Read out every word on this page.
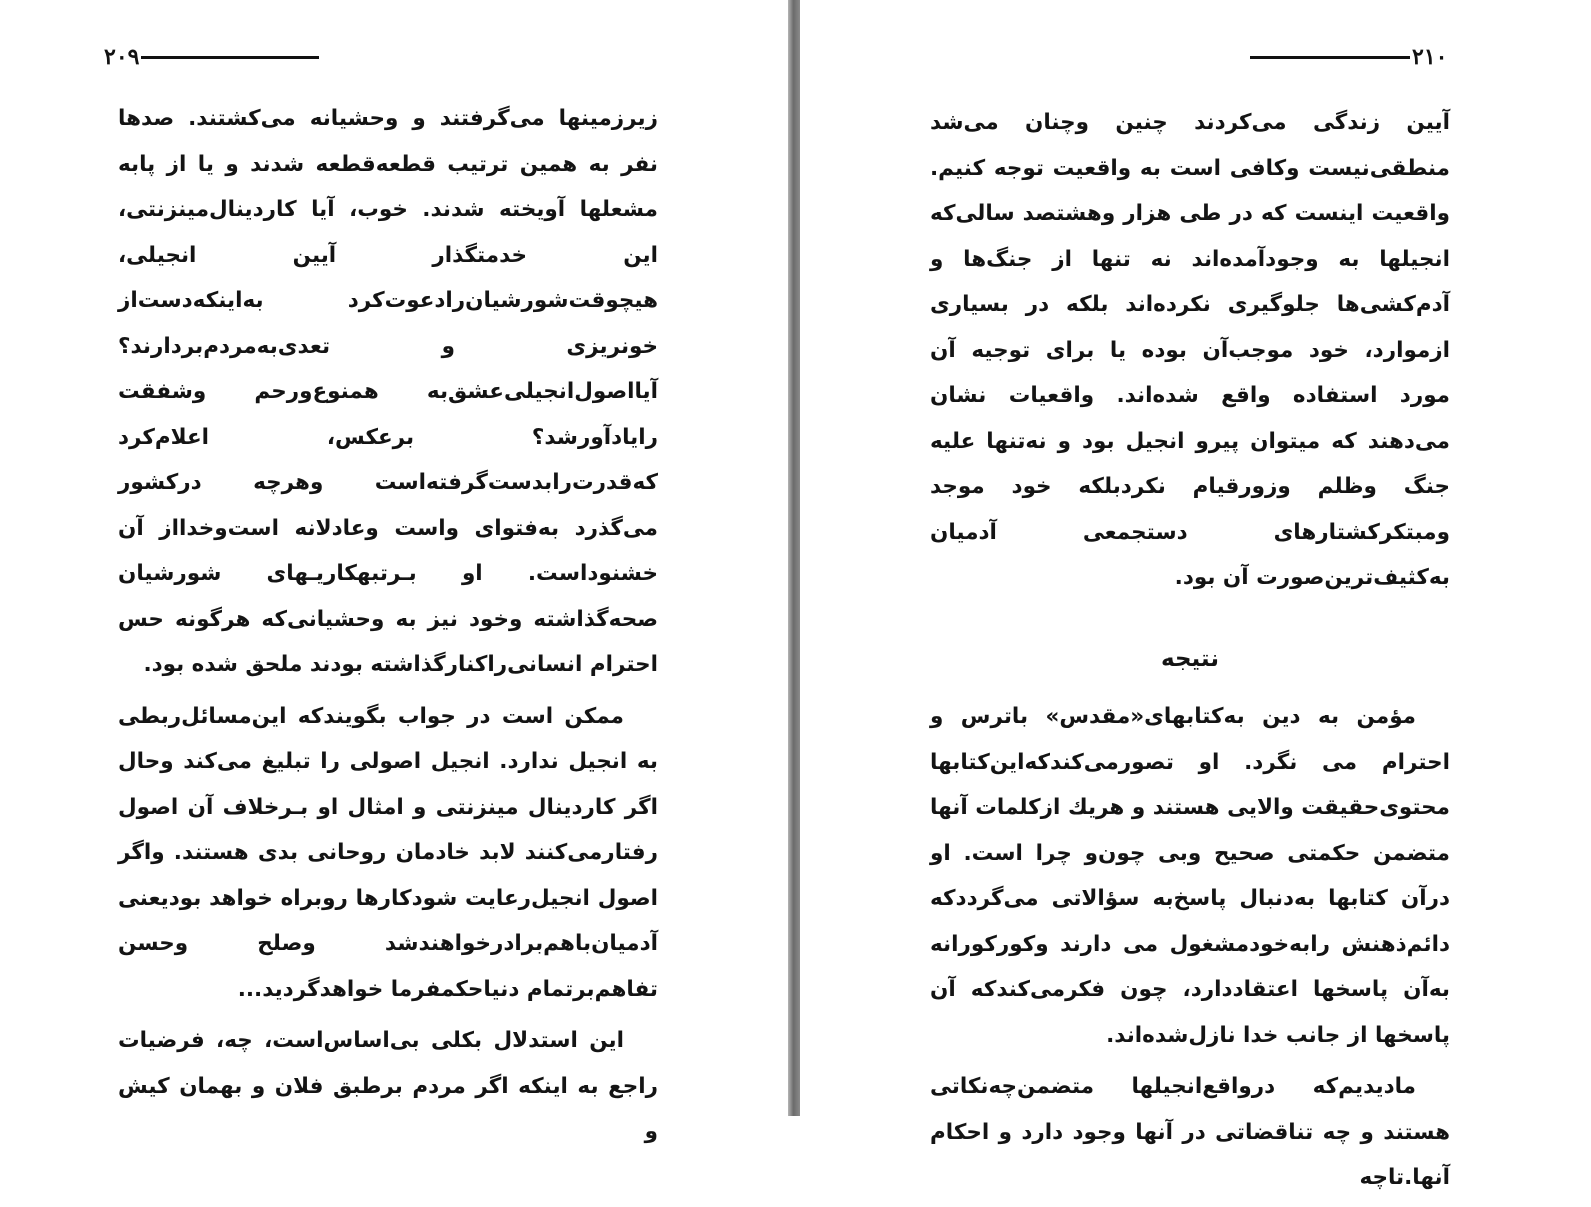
۲۰۹

زیرزمینها می‌گرفتند و وحشیانه می‌کشتند. صدها نفر به همین ترتیب قطعه‌قطعه شدند و یا از پابه مشعلها آویخته شدند. خوب، آیا کاردینال‌مینزنتی، این خدمتگذار آیین انجیلی، هیچوقت‌شورشیان‌رادعوت‌کرد به‌اینکه‌دست‌از خونریزی و تعدی‌به‌مردم‌بردارند؟ آیااصول‌انجیلی‌عشق‌به همنوع‌ورحم وشفقت رایادآورشد؟ برعکس، اعلام‌کرد که‌قدرت‌رابدست‌گرفته‌است وهرچه درکشور می‌گذرد به‌فتوای واست وعادلانه است‌وخدااز آن خشنوداست. او بـرتبهکاریـهای شورشیان صحه‌گذاشته وخود نیز به وحشیانی‌که هرگونه حس احترام انسانی‌راکنارگذاشته بودند ملحق شده بود.

ممکن است در جواب بگویندکه این‌مسائل‌ربطی به انجیل ندارد. انجیل اصولی را تبلیغ می‌کند وحال اگر کاردینال مینزنتی و امثال او بـرخلاف آن اصول رفتارمی‌کنند لابد خادمان روحانی بدی هستند. واگر اصول انجیل‌رعایت شودکارها روبراه خواهد بودیعنی آدمیان‌باهم‌برادرخواهندشد وصلح وحسن تفاهم‌برتمام دنیاحکمفرما خواهدگردید...

این استدلال بکلی بی‌اساس‌است، چه، فرضیات راجع به اینکه اگر مردم برطبق فلان و بهمان کیش و

۲۱۰

آیین زندگی می‌کردند چنین وچنان می‌شد منطقی‌نیست وکافی است به واقعیت توجه کنیم. واقعیت اینست که در طی هزار وهشتصد سالی‌که انجیلها به وجودآمده‌اند نه تنها از جنگ‌ها و آدم‌کشی‌ها جلوگیری نکرده‌اند بلکه در بسیاری ازموارد، خود موجب‌آن بوده یا برای توجیه آن مورد استفاده واقع شده‌اند. واقعیات نشان می‌دهند که میتوان پیرو انجیل بود و نه‌تنها علیه جنگ وظلم وزورقیام نکردبلکه خود موجد ومبتکرکشتارهای دستجمعی آدمیان به‌کثیف‌ترین‌صورت آن بود.

نتیجه

مؤمن به دین به‌کتابهای«مقدس» باترس و احترام می نگرد. او تصورمی‌کندکه‌این‌کتابها محتوی‌حقیقت والایی هستند و هریك ازکلمات آنها متضمن حکمتی صحیح وبی چون‌و چرا است. او درآن کتابها به‌دنبال پاسخ‌به سؤالاتی می‌گرددکه دائم‌ذهنش رابه‌خودمشغول می دارند وکورکورانه به‌آن پاسخها اعتقاددارد، چون فکرمی‌کندکه آن پاسخها از جانب خدا نازل‌شده‌اند.

مادیدیم‌که درواقع‌انجیلها متضمن‌چه‌نکاتی هستند و چه تناقضاتی در آنها وجود دارد و احکام آنها‌.تاچه
